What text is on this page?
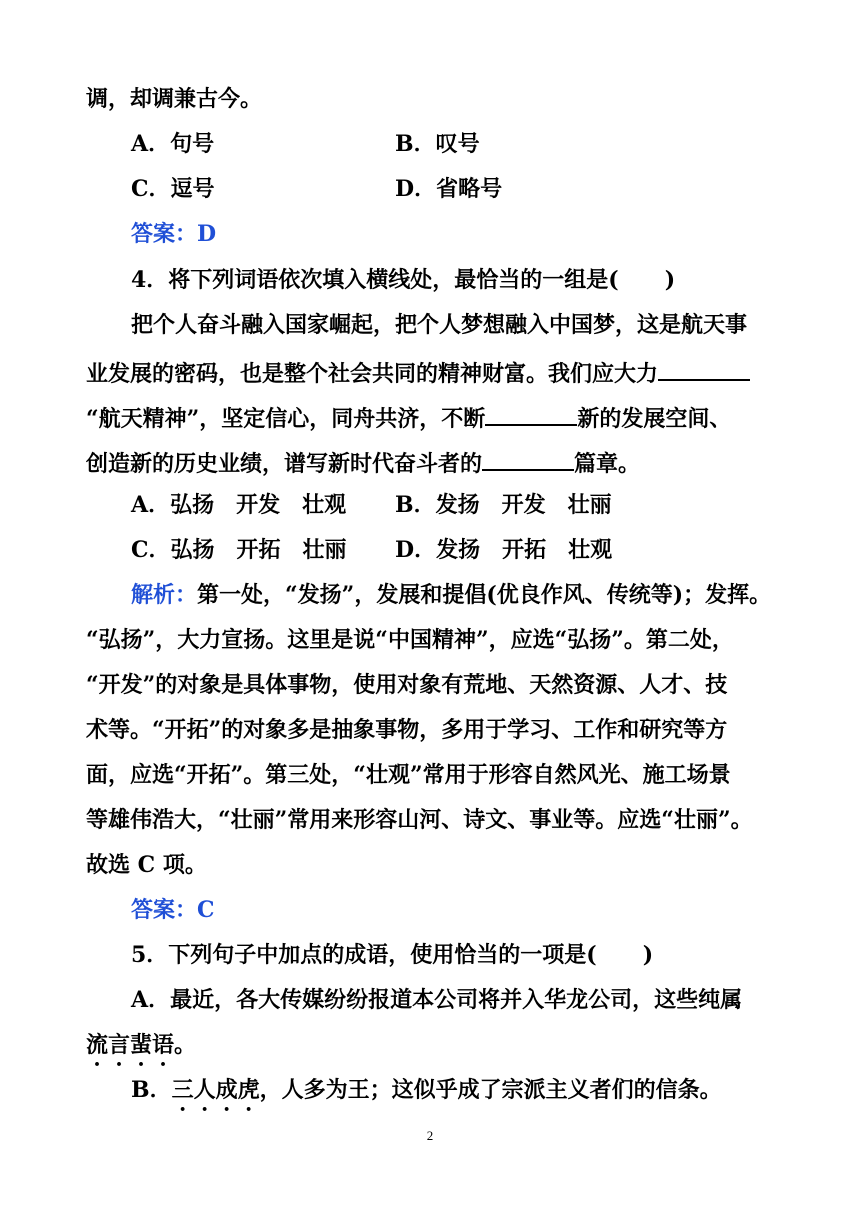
调，却调兼古今。
A．句号	B．叹号
C．逗号	D．省略号
答案：D
4．将下列词语依次填入横线处，最恰当的一组是( )
把个人奋斗融入国家崛起，把个人梦想融入中国梦，这是航天事
业发展的密码，也是整个社会共同的精神财富。我们应大力
“航天精神”，坚定信心，同舟共济，不断	新的发展空间、
创造新的历史业绩，谱写新时代奋斗者的	篇章。
A．弘扬　开发　壮观 B．发扬　开发　壮丽
C．弘扬　开拓　壮丽 D．发扬　开拓　壮观
解析：第一处，“发扬”，发展和提倡(优良作风、传统等)；发挥。
“弘扬”，大力宣扬。这里是说“中国精神”，应选“弘扬”。第二处，
“开发”的对象是具体事物，使用对象有荒地、天然资源、人才、技
术等。“开拓”的对象多是抽象事物，多用于学习、工作和研究等方
面，应选“开拓”。第三处，“壮观”常用于形容自然风光、施工场景
等雄伟浩大，“壮丽”常用来形容山河、诗文、事业等。应选“壮丽”。
故选 C 项。
答案：C
5．下列句子中加点的成语，使用恰当的一项是( )
A．最近，各大传媒纷纷报道本公司将并入华龙公司，这些纯属
流言蜚语。
B．三人成虎，人多为王；这似乎成了宗派主义者们的信条。
2
